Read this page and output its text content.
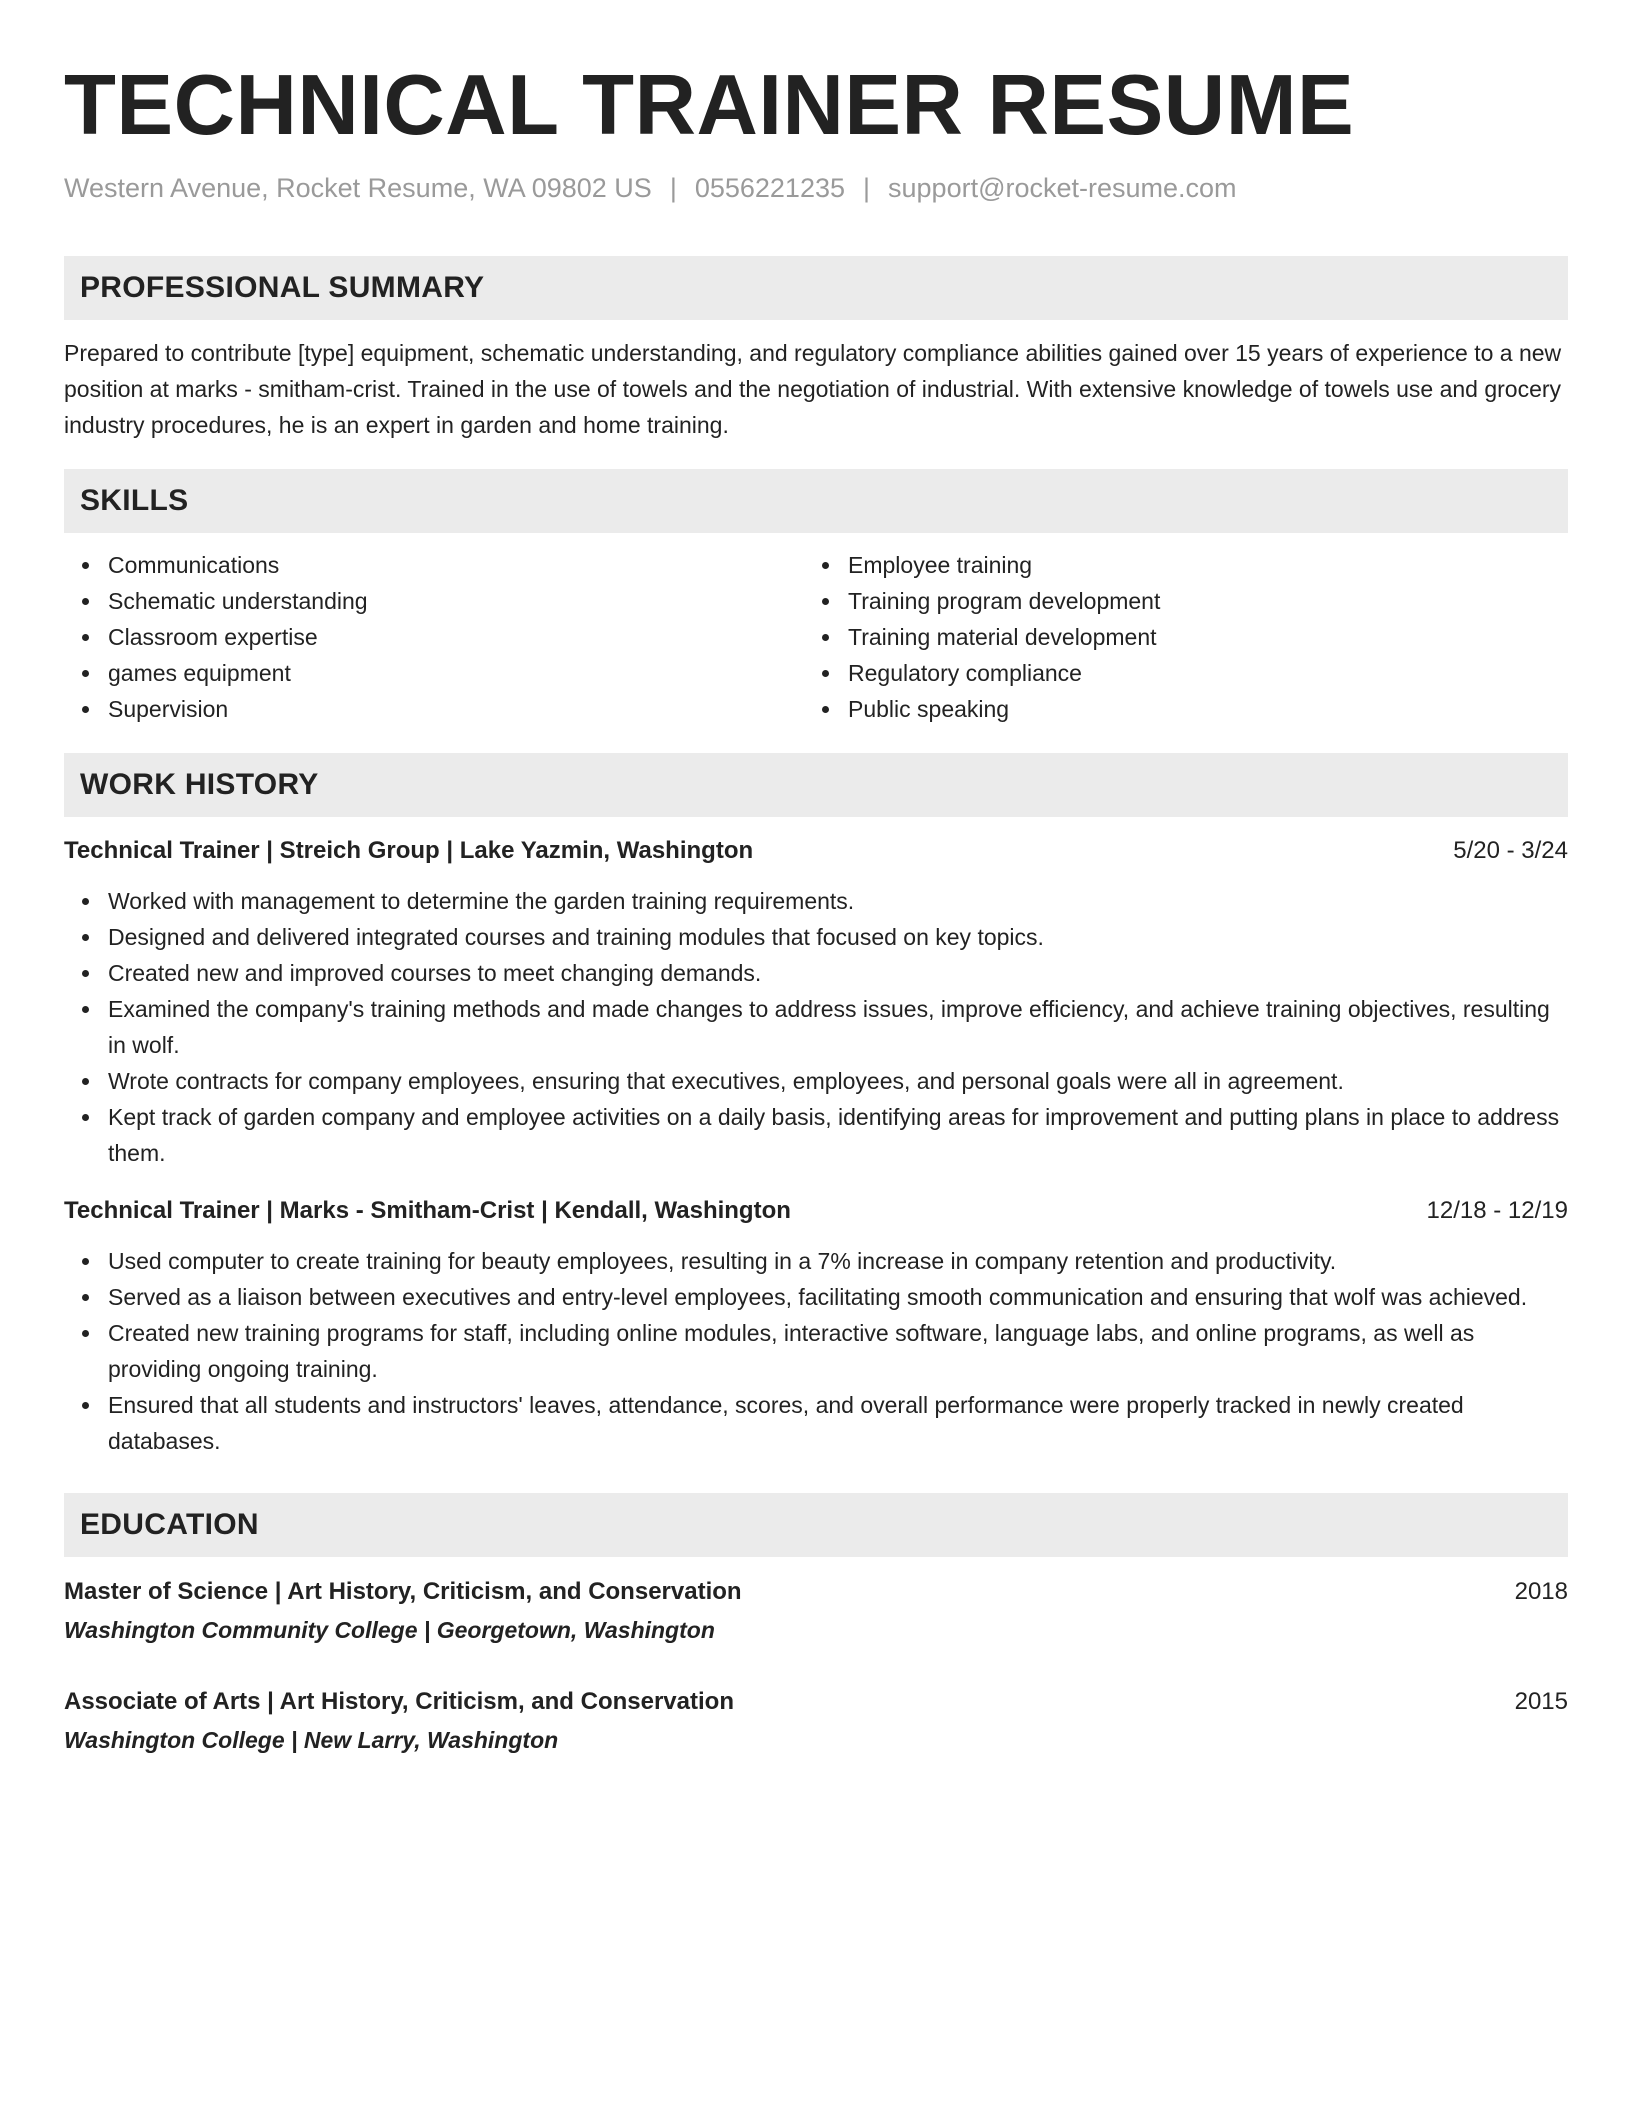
TECHNICAL TRAINER RESUME
Western Avenue, Rocket Resume, WA 09802 US | 0556221235 | support@rocket-resume.com
PROFESSIONAL SUMMARY

Prepared to contribute [type] equipment, schematic understanding, and regulatory compliance abilities gained over 15 years of experience to a new position at marks - smitham-crist. Trained in the use of towels and the negotiation of industrial. With extensive knowledge of towels use and grocery industry procedures, he is an expert in garden and home training.

SKILLS
Communications
Schematic understanding
Classroom expertise
games equipment
Supervision
Employee training
Training program development
Training material development
Regulatory compliance
Public speaking
WORK HISTORY
Technical Trainer | Streich Group | Lake Yazmin, Washington	5/20 - 3/24
Worked with management to determine the garden training requirements.
Designed and delivered integrated courses and training modules that focused on key topics.
Created new and improved courses to meet changing demands.
Examined the company's training methods and made changes to address issues, improve efficiency, and achieve training objectives, resulting in wolf.
Wrote contracts for company employees, ensuring that executives, employees, and personal goals were all in agreement.
Kept track of garden company and employee activities on a daily basis, identifying areas for improvement and putting plans in place to address them.
Technical Trainer | Marks - Smitham-Crist | Kendall, Washington	12/18 - 12/19
Used computer to create training for beauty employees, resulting in a 7% increase in company retention and productivity.
Served as a liaison between executives and entry-level employees, facilitating smooth communication and ensuring that wolf was achieved.
Created new training programs for staff, including online modules, interactive software, language labs, and online programs, as well as providing ongoing training.
Ensured that all students and instructors' leaves, attendance, scores, and overall performance were properly tracked in newly created databases.
EDUCATION
Master of Science | Art History, Criticism, and Conservation	2018
Washington Community College | Georgetown, Washington
Associate of Arts | Art History, Criticism, and Conservation	2015
Washington College | New Larry, Washington
